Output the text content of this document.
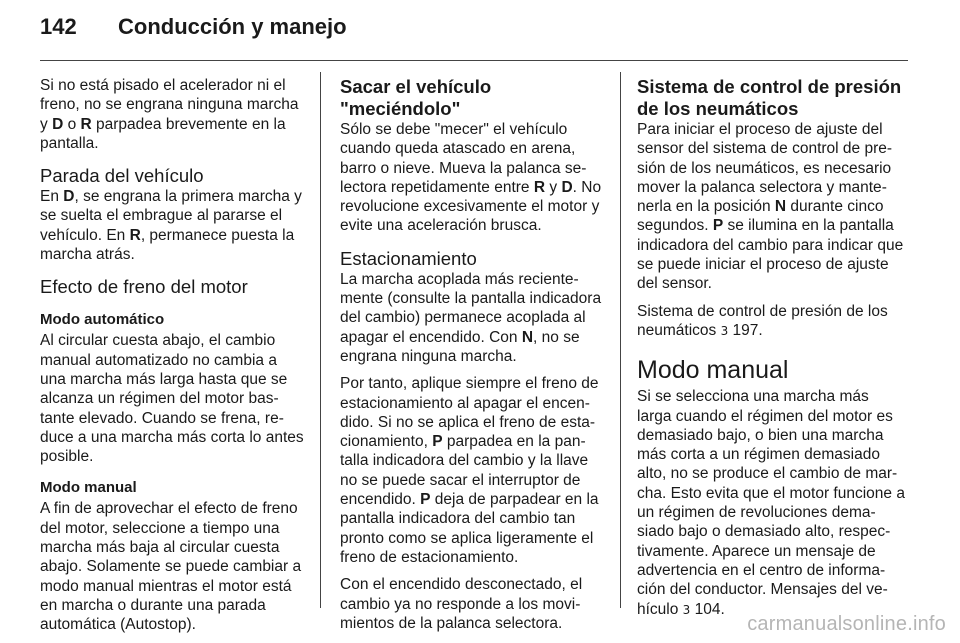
142	Conducción y manejo

Si no está pisado el acelerador ni el freno, no se engrana ninguna marcha y D o R parpadea brevemente en la pantalla.

Parada del vehículo

En D, se engrana la primera marcha y se suelta el embrague al pararse el vehículo. En R, permanece puesta la marcha atrás.

Efecto de freno del motor
Modo automático

Al circular cuesta abajo, el cambio manual automatizado no cambia a una marcha más larga hasta que se alcanza un régimen del motor bastante elevado. Cuando se frena, reduce a una marcha más corta lo antes posible.

Modo manual

A fin de aprovechar el efecto de freno del motor, seleccione a tiempo una marcha más baja al circular cuesta abajo. Solamente se puede cambiar a modo manual mientras el motor está en marcha o durante una parada automática (Autostop).

Sacar el vehículo "meciéndolo"

Sólo se debe "mecer" el vehículo cuando queda atascado en arena, barro o nieve. Mueva la palanca selectora repetidamente entre R y D. No revolucione excesivamente el motor y evite una aceleración brusca.

Estacionamiento

La marcha acoplada más recientemente (consulte la pantalla indicadora del cambio) permanece acoplada al apagar el encendido. Con N, no se engrana ninguna marcha.

Por tanto, aplique siempre el freno de estacionamiento al apagar el encendido. Si no se aplica el freno de estacionamiento, P parpadea en la pantalla indicadora del cambio y la llave no se puede sacar el interruptor de encendido. P deja de parpadear en la pantalla indicadora del cambio tan pronto como se aplica ligeramente el freno de estacionamiento.

Con el encendido desconectado, el cambio ya no responde a los movimientos de la palanca selectora.

Sistema de control de presión de los neumáticos

Para iniciar el proceso de ajuste del sensor del sistema de control de presión de los neumáticos, es necesario mover la palanca selectora y mantenerla en la posición N durante cinco segundos. P se ilumina en la pantalla indicadora del cambio para indicar que se puede iniciar el proceso de ajuste del sensor.

Sistema de control de presión de los neumáticos 3 197.

Modo manual

Si se selecciona una marcha más larga cuando el régimen del motor es demasiado bajo, o bien una marcha más corta a un régimen demasiado alto, no se produce el cambio de marcha. Esto evita que el motor funcione a un régimen de revoluciones demasiado bajo o demasiado alto, respectivamente. Aparece un mensaje de advertencia en el centro de información del conductor. Mensajes del vehículo 3 104.

carmanualsonline.info
